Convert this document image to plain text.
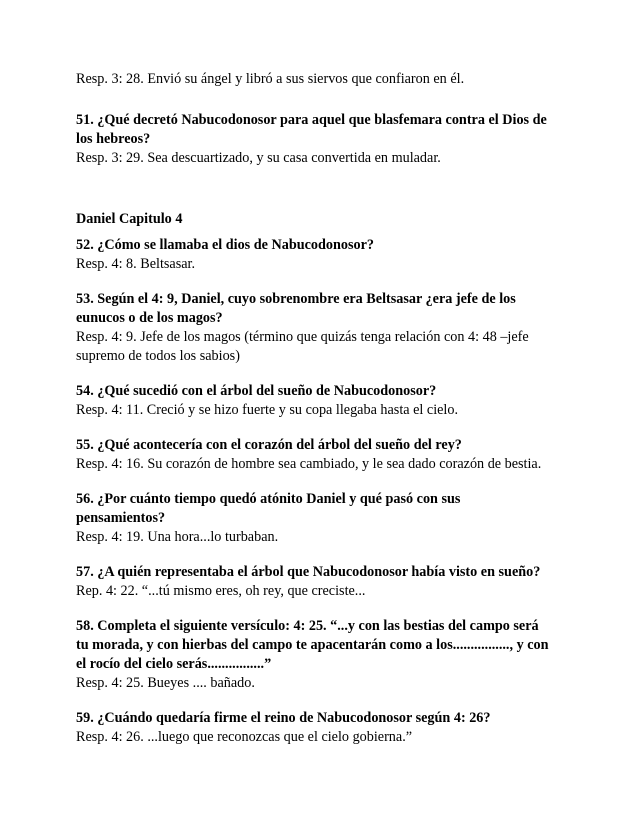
Resp. 3: 28. Envió su ángel y libró a sus siervos que confiaron en él.
51. ¿Qué decretó Nabucodonosor para aquel que blasfemara contra el Dios de
los hebreos?
Resp. 3: 29. Sea descuartizado, y su casa convertida en muladar.
Daniel Capitulo 4
52. ¿Cómo se llamaba el dios de Nabucodonosor?
Resp. 4: 8. Beltsasar.
53. Según el 4: 9, Daniel, cuyo sobrenombre era Beltsasar ¿era jefe de los
eunucos o de los magos?
Resp. 4: 9. Jefe de los magos (término que quizás tenga relación con 4: 48 –jefe
supremo de todos los sabios)
54. ¿Qué sucedió con el árbol del sueño de Nabucodonosor?
Resp. 4: 11. Creció y se hizo fuerte y su copa llegaba hasta el cielo.
55. ¿Qué acontecería con el corazón del árbol del sueño del rey?
Resp. 4: 16. Su corazón de hombre sea cambiado, y le sea dado corazón de bestia.
56. ¿Por cuánto tiempo quedó atónito Daniel y qué pasó con sus
pensamientos?
Resp. 4: 19. Una hora...lo turbaban.
57. ¿A quién representaba el árbol que Nabucodonosor había visto en sueño?
Rep. 4: 22. “...tú mismo eres, oh rey, que creciste...
58. Completa el siguiente versículo: 4: 25. “...y con las bestias del campo será
tu morada, y con hierbas del campo te apacentarán como a los................, y con
el rocío del cielo serás................”
Resp. 4: 25. Bueyes .... bañado.
59. ¿Cuándo quedaría firme el reino de Nabucodonosor según 4: 26?
Resp. 4: 26. ...luego que reconozcas que el cielo gobierna.”
